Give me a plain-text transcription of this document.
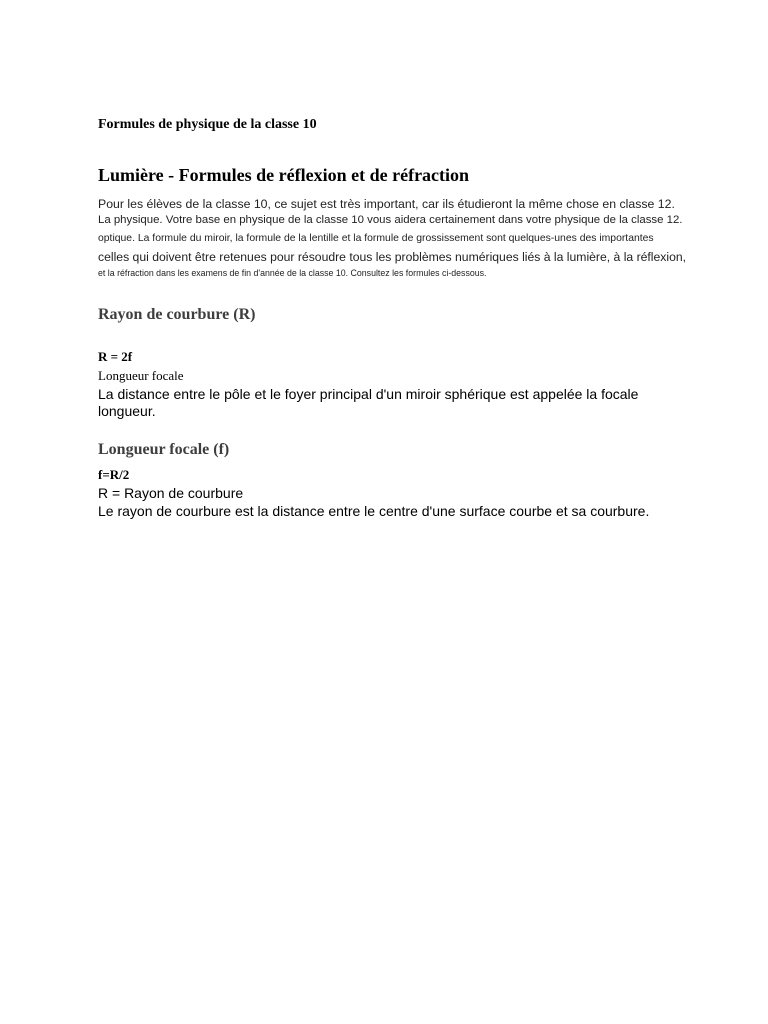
Formules de physique de la classe 10
Lumière - Formules de réflexion et de réfraction
Pour les élèves de la classe 10, ce sujet est très important, car ils étudieront la même chose en classe 12.
La physique. Votre base en physique de la classe 10 vous aidera certainement dans votre physique de la classe 12.
optique. La formule du miroir, la formule de la lentille et la formule de grossissement sont quelques-unes des importantes
celles qui doivent être retenues pour résoudre tous les problèmes numériques liés à la lumière, à la réflexion,
et la réfraction dans les examens de fin d'année de la classe 10. Consultez les formules ci-dessous.
Rayon de courbure (R)
R = 2f
Longueur focale
La distance entre le pôle et le foyer principal d'un miroir sphérique est appelée la focale
longueur.
Longueur focale (f)
f=R/2
R = Rayon de courbure
Le rayon de courbure est la distance entre le centre d'une surface courbe et sa courbure.
